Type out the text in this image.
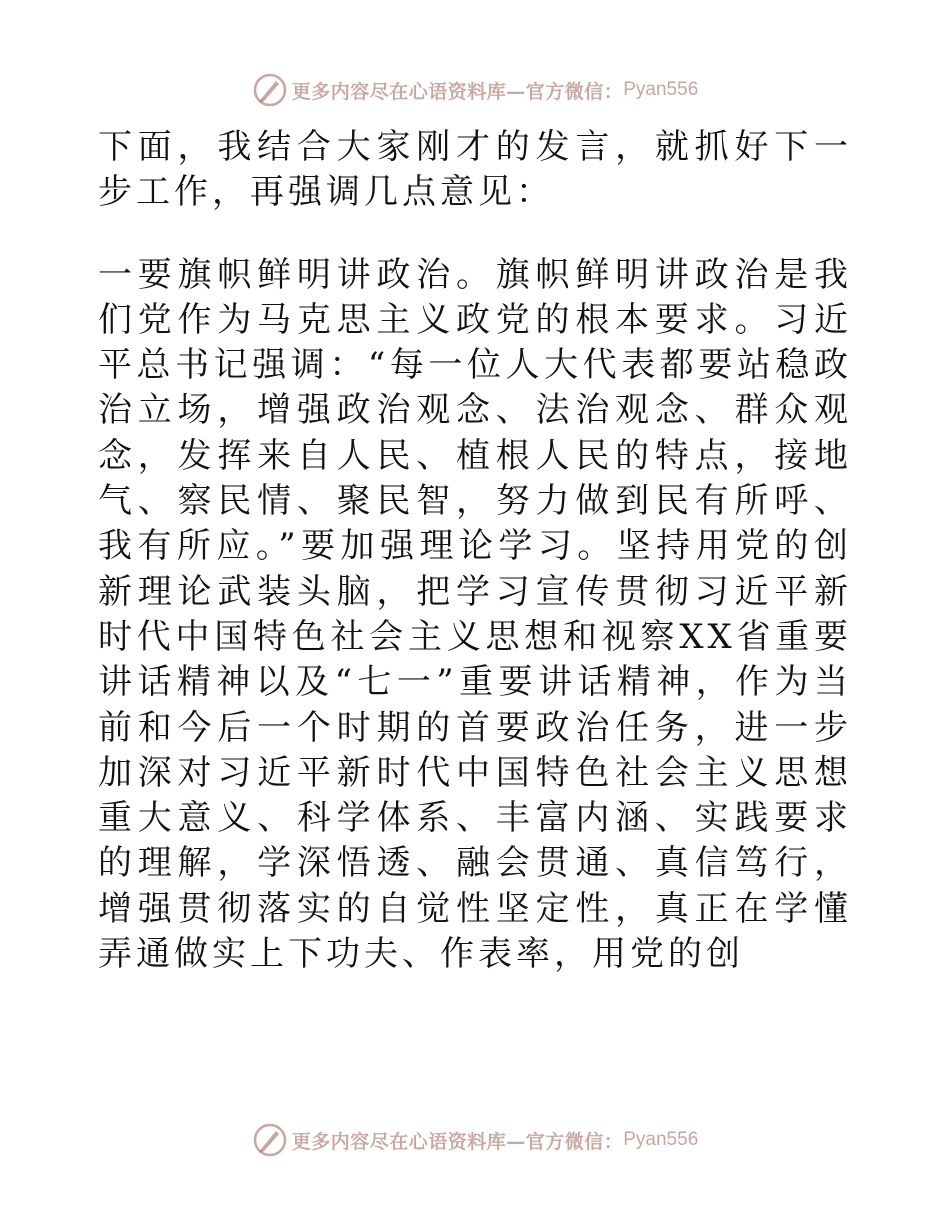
更多内容尽在心语资料库—官方微信： Pyan556

下面，我结合大家刚才的发言，就抓好下一步工作，再强调几点意见：

一要旗帜鲜明讲政治。旗帜鲜明讲政治是我们党作为马克思主义政党的根本要求。习近平总书记强调：“每一位人大代表都要站稳政治立场，增强政治观念、法治观念、群众观念，发挥来自人民、植根人民的特点，接地气、察民情、聚民智，努力做到民有所呼、我有所应。”要加强理论学习。坚持用党的创新理论武装头脑，把学习宣传贯彻习近平新时代中国特色社会主义思想和视察XX省重要讲话精神以及“七一”重要讲话精神，作为当前和今后一个时期的首要政治任务，进一步加深对习近平新时代中国特色社会主义思想重大意义、科学体系、丰富内涵、实践要求的理解，学深悟透、融会贯通、真信笃行，增强贯彻落实的自觉性坚定性，真正在学懂弄通做实上下功夫、作表率，用党的创

更多内容尽在心语资料库—官方微信： Pyan556
